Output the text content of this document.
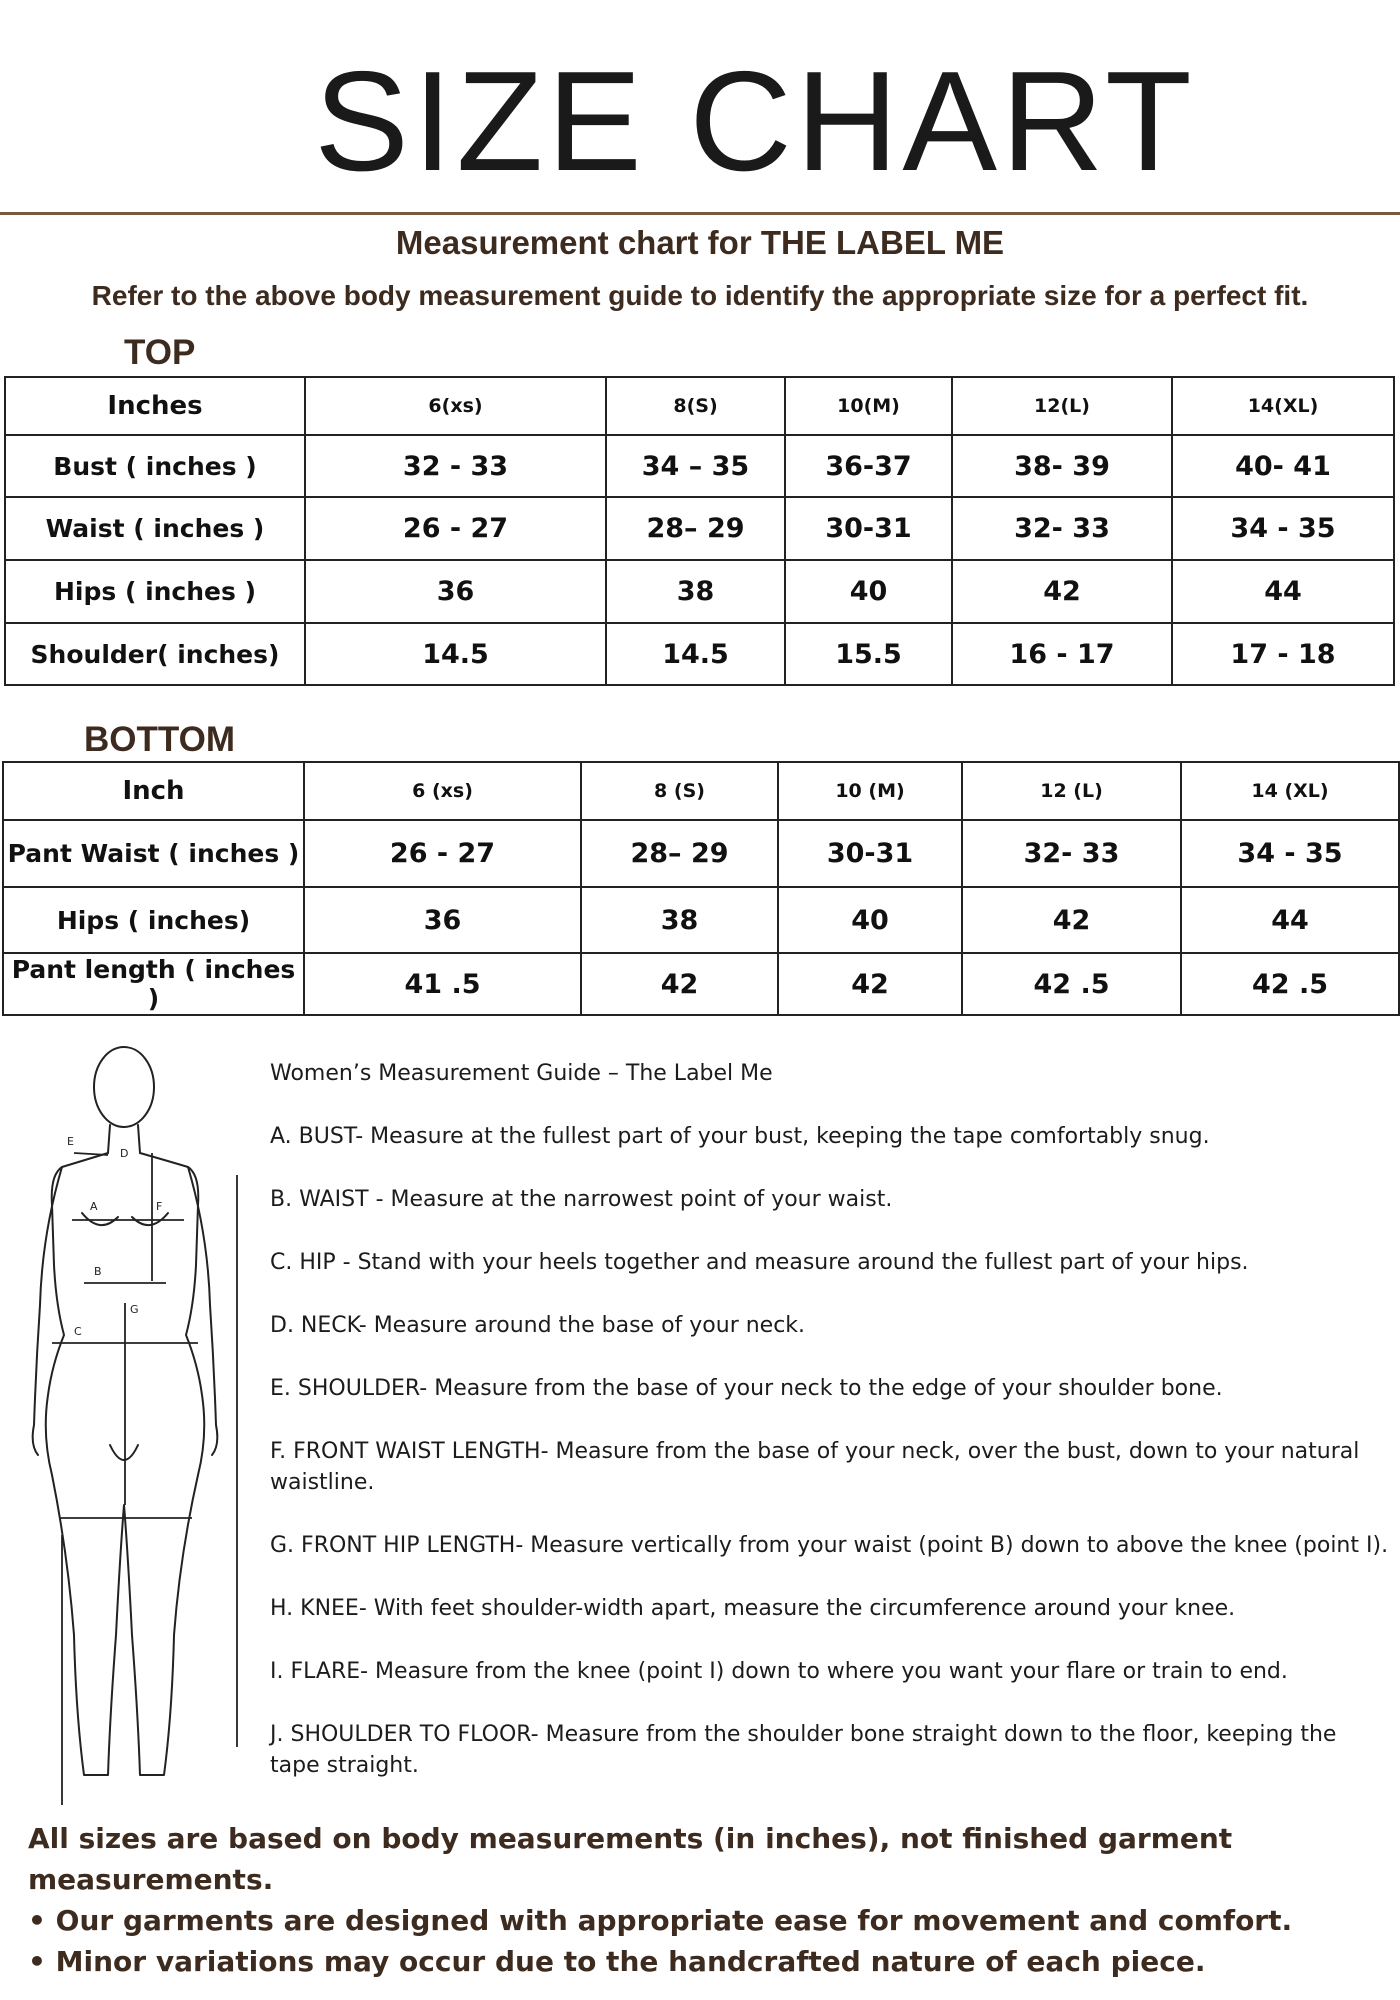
SIZE CHART
Measurement chart for THE LABEL ME
Refer to the above body measurement guide to identify the appropriate size for a perfect fit.
TOP
Inches	6(xs)	8(S)	10(M)	12(L)	14(XL)
Bust ( inches )	32 - 33	34 – 35	36-37	38- 39	40- 41
Waist ( inches )	26 - 27	28– 29	30-31	32- 33	34 - 35
Hips ( inches )	36	38	40	42	44
Shoulder( inches)	14.5	14.5	15.5	16 - 17	17 - 18
BOTTOM
Inch	6 (xs)	8 (S)	10 (M)	12 (L)	14 (XL)
Pant Waist ( inches )	26 - 27	28– 29	30-31	32- 33	34 - 35
Hips ( inches)	36	38	40	42	44
Pant length ( inches )	41 .5	42	42	42 .5	42 .5
E
D
A	F
B
G
C
Women’s Measurement Guide – The Label Me
A. BUST- Measure at the fullest part of your bust, keeping the tape comfortably snug.
B. WAIST - Measure at the narrowest point of your waist.
C. HIP - Stand with your heels together and measure around the fullest part of your hips.
D. NECK- Measure around the base of your neck.
E. SHOULDER- Measure from the base of your neck to the edge of your shoulder bone.
F. FRONT WAIST LENGTH- Measure from the base of your neck, over the bust, down to your natural waistline.
G. FRONT HIP LENGTH- Measure vertically from your waist (point B) down to above the knee (point I).
H. KNEE- With feet shoulder-width apart, measure the circumference around your knee.
I. FLARE- Measure from the knee (point I) down to where you want your flare or train to end.
J. SHOULDER TO FLOOR- Measure from the shoulder bone straight down to the floor, keeping the tape straight.
All sizes are based on body measurements (in inches), not finished garment measurements.
• Our garments are designed with appropriate ease for movement and comfort.
• Minor variations may occur due to the handcrafted nature of each piece.
